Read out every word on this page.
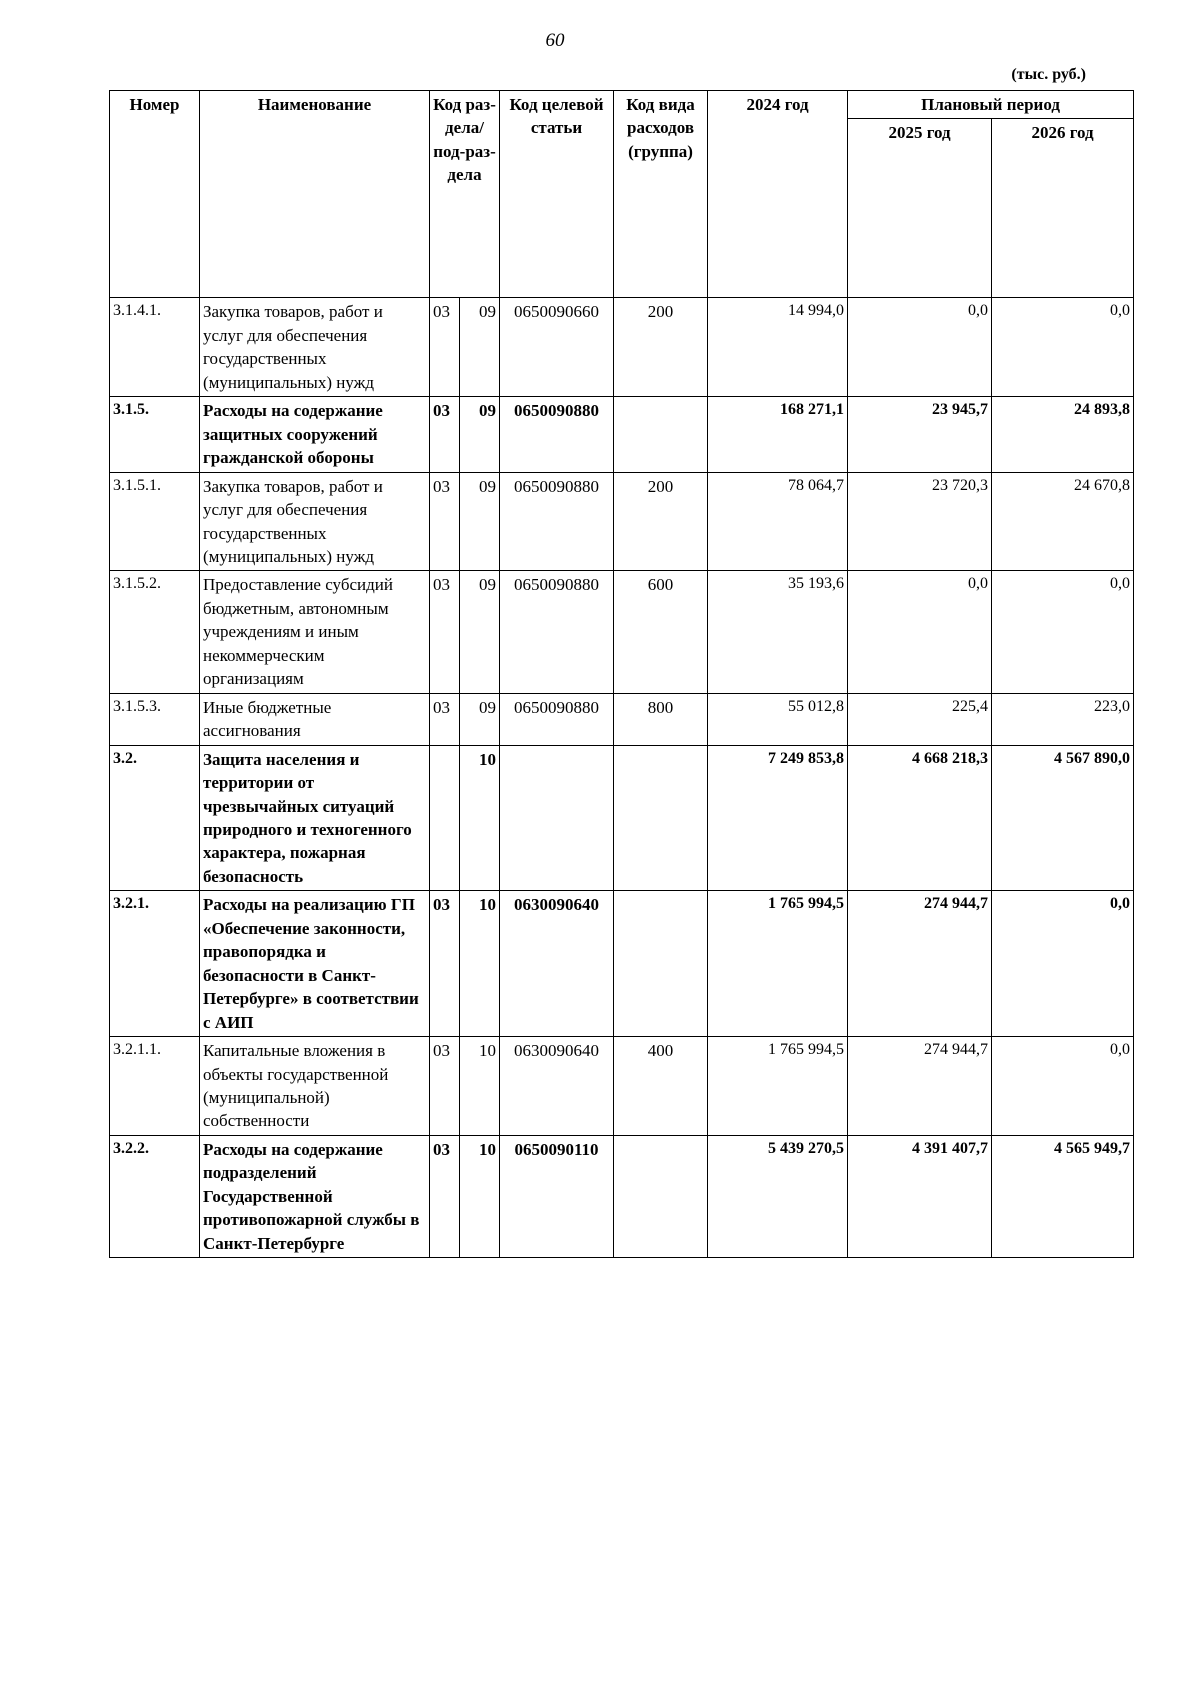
60
(тыс. руб.)
Номер	Наименование	Код раз-дела/ под-раз-дела		Код целевой статьи	Код вида расходов (группа)	2024 год	Плановый период	
							2025 год	2026 год
3.1.4.1.	Закупка товаров, работ и услуг для обеспечения государственных (муниципальных) нужд	03	09	0650090660	200	14 994,0	0,0	0,0
3.1.5.	Расходы на содержание защитных сооружений гражданской обороны	03	09	0650090880		168 271,1	23 945,7	24 893,8
3.1.5.1.	Закупка товаров, работ и услуг для обеспечения государственных (муниципальных) нужд	03	09	0650090880	200	78 064,7	23 720,3	24 670,8
3.1.5.2.	Предоставление субсидий бюджетным, автономным учреждениям и иным некоммерческим организациям	03	09	0650090880	600	35 193,6	0,0	0,0
3.1.5.3.	Иные бюджетные ассигнования	03	09	0650090880	800	55 012,8	225,4	223,0
3.2.	Защита населения и территории от чрезвычайных ситуаций природного и техногенного характера, пожарная безопасность		10			7 249 853,8	4 668 218,3	4 567 890,0
3.2.1.	Расходы на реализацию ГП «Обеспечение законности, правопорядка и безопасности в Санкт-Петербурге» в соответствии с АИП	03	10	0630090640		1 765 994,5	274 944,7	0,0
3.2.1.1.	Капитальные вложения в объекты государственной (муниципальной) собственности	03	10	0630090640	400	1 765 994,5	274 944,7	0,0
3.2.2.	Расходы на содержание подразделений Государственной противопожарной службы в Санкт-Петербурге	03	10	0650090110		5 439 270,5	4 391 407,7	4 565 949,7
